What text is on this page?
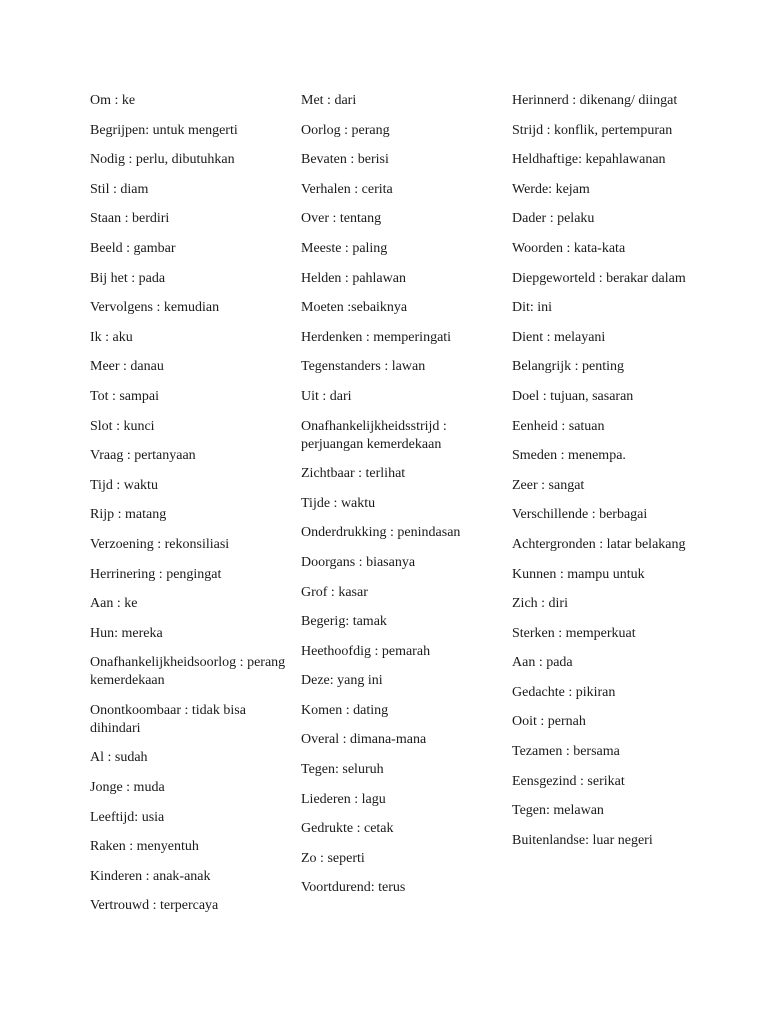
Om : ke
Begrijpen: untuk mengerti
Nodig : perlu, dibutuhkan
Stil : diam
Staan : berdiri
Beeld : gambar
Bij het : pada
Vervolgens : kemudian
Ik : aku
Meer : danau
Tot : sampai
Slot : kunci
Vraag : pertanyaan
Tijd : waktu
Rijp : matang
Verzoening : rekonsiliasi
Herrinering : pengingat
Aan : ke
Hun: mereka
Onafhankelijkheidsoorlog : perang kemerdekaan
Onontkoombaar : tidak bisa dihindari
Al : sudah
Jonge : muda
Leeftijd: usia
Raken : menyentuh
Kinderen : anak-anak
Vertrouwd : terpercaya
Met : dari
Oorlog : perang
Bevaten : berisi
Verhalen : cerita
Over : tentang
Meeste : paling
Helden : pahlawan
Moeten :sebaiknya
Herdenken : memperingati
Tegenstanders : lawan
Uit : dari
Onafhankelijkheidsstrijd : perjuangan kemerdekaan
Zichtbaar : terlihat
Tijde : waktu
Onderdrukking : penindasan
Doorgans : biasanya
Grof : kasar
Begerig: tamak
Heethoofdig : pemarah
Deze: yang ini
Komen : dating
Overal : dimana-mana
Tegen: seluruh
Liederen : lagu
Gedrukte : cetak
Zo : seperti
Voortdurend: terus
Herinnerd : dikenang/ diingat
Strijd : konflik, pertempuran
Heldhaftige: kepahlawanan
Werde: kejam
Dader : pelaku
Woorden : kata-kata
Diepgeworteld : berakar dalam
Dit: ini
Dient : melayani
Belangrijk : penting
Doel : tujuan, sasaran
Eenheid : satuan
Smeden : menempa.
Zeer : sangat
Verschillende : berbagai
Achtergronden : latar belakang
Kunnen : mampu untuk
Zich : diri
Sterken : memperkuat
Aan : pada
Gedachte : pikiran
Ooit : pernah
Tezamen : bersama
Eensgezind : serikat
Tegen: melawan
Buitenlandse: luar negeri
